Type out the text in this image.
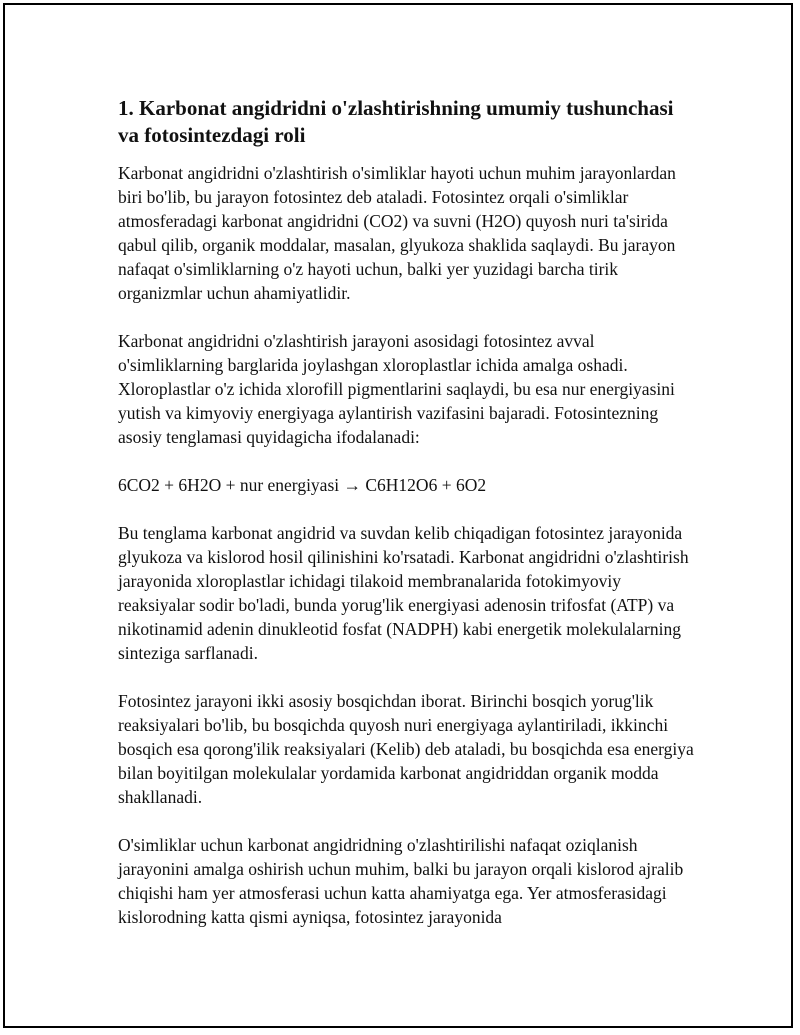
1. Karbonat angidridni o'zlashtirishning umumiy tushunchasi va fotosintezdagi roli

Karbonat angidridni o'zlashtirish o'simliklar hayoti uchun muhim jarayonlardan biri bo'lib, bu jarayon fotosintez deb ataladi. Fotosintez orqali o'simliklar atmosferadagi karbonat angidridni (CO2) va suvni (H2O) quyosh nuri ta'sirida qabul qilib, organik moddalar, masalan, glyukoza shaklida saqlaydi. Bu jarayon nafaqat o'simliklarning o'z hayoti uchun, balki yer yuzidagi barcha tirik organizmlar uchun ahamiyatlidir.

Karbonat angidridni o'zlashtirish jarayoni asosidagi fotosintez avval o'simliklarning barglarida joylashgan xloroplastlar ichida amalga oshadi. Xloroplastlar o'z ichida xlorofill pigmentlarini saqlaydi, bu esa nur energiyasini yutish va kimyoviy energiyaga aylantirish vazifasini bajaradi. Fotosintezning asosiy tenglamasi quyidagicha ifodalanadi:

6CO2 + 6H2O + nur energiyasi → C6H12O6 + 6O2

Bu tenglama karbonat angidrid va suvdan kelib chiqadigan fotosintez jarayonida glyukoza va kislorod hosil qilinishini ko'rsatadi. Karbonat angidridni o'zlashtirish jarayonida xloroplastlar ichidagi tilakoid membranalarida fotokimyoviy reaksiyalar sodir bo'ladi, bunda yorug'lik energiyasi adenosin trifosfat (ATP) va nikotinamid adenin dinukleotid fosfat (NADPH) kabi energetik molekulalarning sinteziga sarflanadi.

Fotosintez jarayoni ikki asosiy bosqichdan iborat. Birinchi bosqich yorug'lik reaksiyalari bo'lib, bu bosqichda quyosh nuri energiyaga aylantiriladi, ikkinchi bosqich esa qorong'ilik reaksiyalari (Kelib) deb ataladi, bu bosqichda esa energiya bilan boyitilgan molekulalar yordamida karbonat angidriddan organik modda shakllanadi.

O'simliklar uchun karbonat angidridning o'zlashtirilishi nafaqat oziqlanish jarayonini amalga oshirish uchun muhim, balki bu jarayon orqali kislorod ajralib chiqishi ham yer atmosferasi uchun katta ahamiyatga ega. Yer atmosferasidagi kislorodning katta qismi ayniqsa, fotosintez jarayonida
